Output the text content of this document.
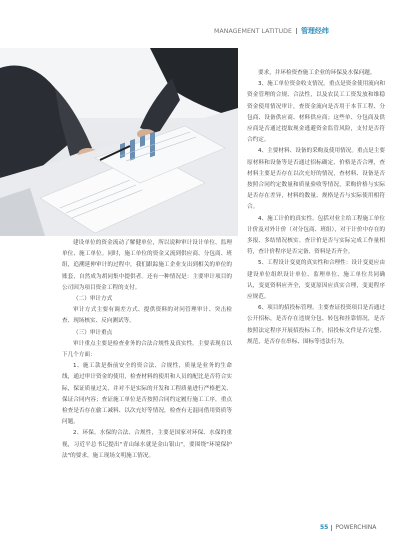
MANAGEMENT LATITUDE 管理经纬

建设单位的资金流动了解健单位，所以说种审计设计单位、监理单位、施工单位。同时，施工单位的资金又流到供应商、分包商、班组，追溯延伸审计的过程中，我们跟踪施工企业支出到相关的单位的账套，自然成为胡同集中提供者。还有一种情况是：主要审计项目的公司因为项目资金工程的支付。

（二）审计方式

审计方式主要有调差方式、提供资料的对问管理审计、突击检查、现场核实、反向测试等。

（三）审计重点

审计重点主要是检查业务的合法合规性及真实性。主要表现在以下几个方面：

1、施工款是指前安全的资合法、合规性，质量是业务的生命线，通过审计资金的使用，检查材料的使用和人员的配比是否符合实际，保证质量过关，并对不是实际的开发和工程质量进行严格把关、保证合同内容；查证施工单位是否按照合同约定履行施工工序，重点检查是否存在偷工减料、以次充好等情况，检查有无混同借用资质等问题。

2、环保。水保的合法、合规性，主要是国家对环保、水保的重视，习近平总书记提出"青山绿水就是金山银山"，要围绕"环境保护法"的要求，施工现场文明施工情况。

要求，并环检资查施工企业的环保及水保问题。

3、施工单位资金收支情况。重点是资金使用流向和资金管理的合规、合法性，以及农民工工资发放和维稳资金使用情况审计，查资金流向是否用于本节工程、分包商、设备供应商、材料供应商；这些单、分包商及供应商是否通过提取现金逃避资金监管风险，支付是否符合约定。

4、主要材料、设备的采购及使用情况。重点是主要原材料和设备等是否通过招标确定、价格是否合理，查材料主要是否存在以次充好的情况，查材料、设备是否按照合同约定数量和质量验收等情况，采购价格与实际是否存在差异，材料的数量、规格是否与实际使用相符合。

4、施工计价的真实性。包括对业主给工程施工单位计价及对外计价（对分包商、班组），对于计价中存在的多报、多结情况核实。查计价是否与实际完成工作量相符，查计价程序是否完备、资料是否齐全。

5、工程设计变更的真实性和合理性：设计变更应由建设单位组织设计单位、监理单位、施工单位共同确认，变更资料应齐全，变更原因应真实合理，变更程序应规范。

6、项目的招投标管理。主要查证投资项目是否通过公开招标，是否存在违规分包、转包和挂靠情况，是否按照法定程序开展招投标工作，招投标文件是否完整、规范，是否存在串标、围标等违法行为。

55 POWERCHINA
